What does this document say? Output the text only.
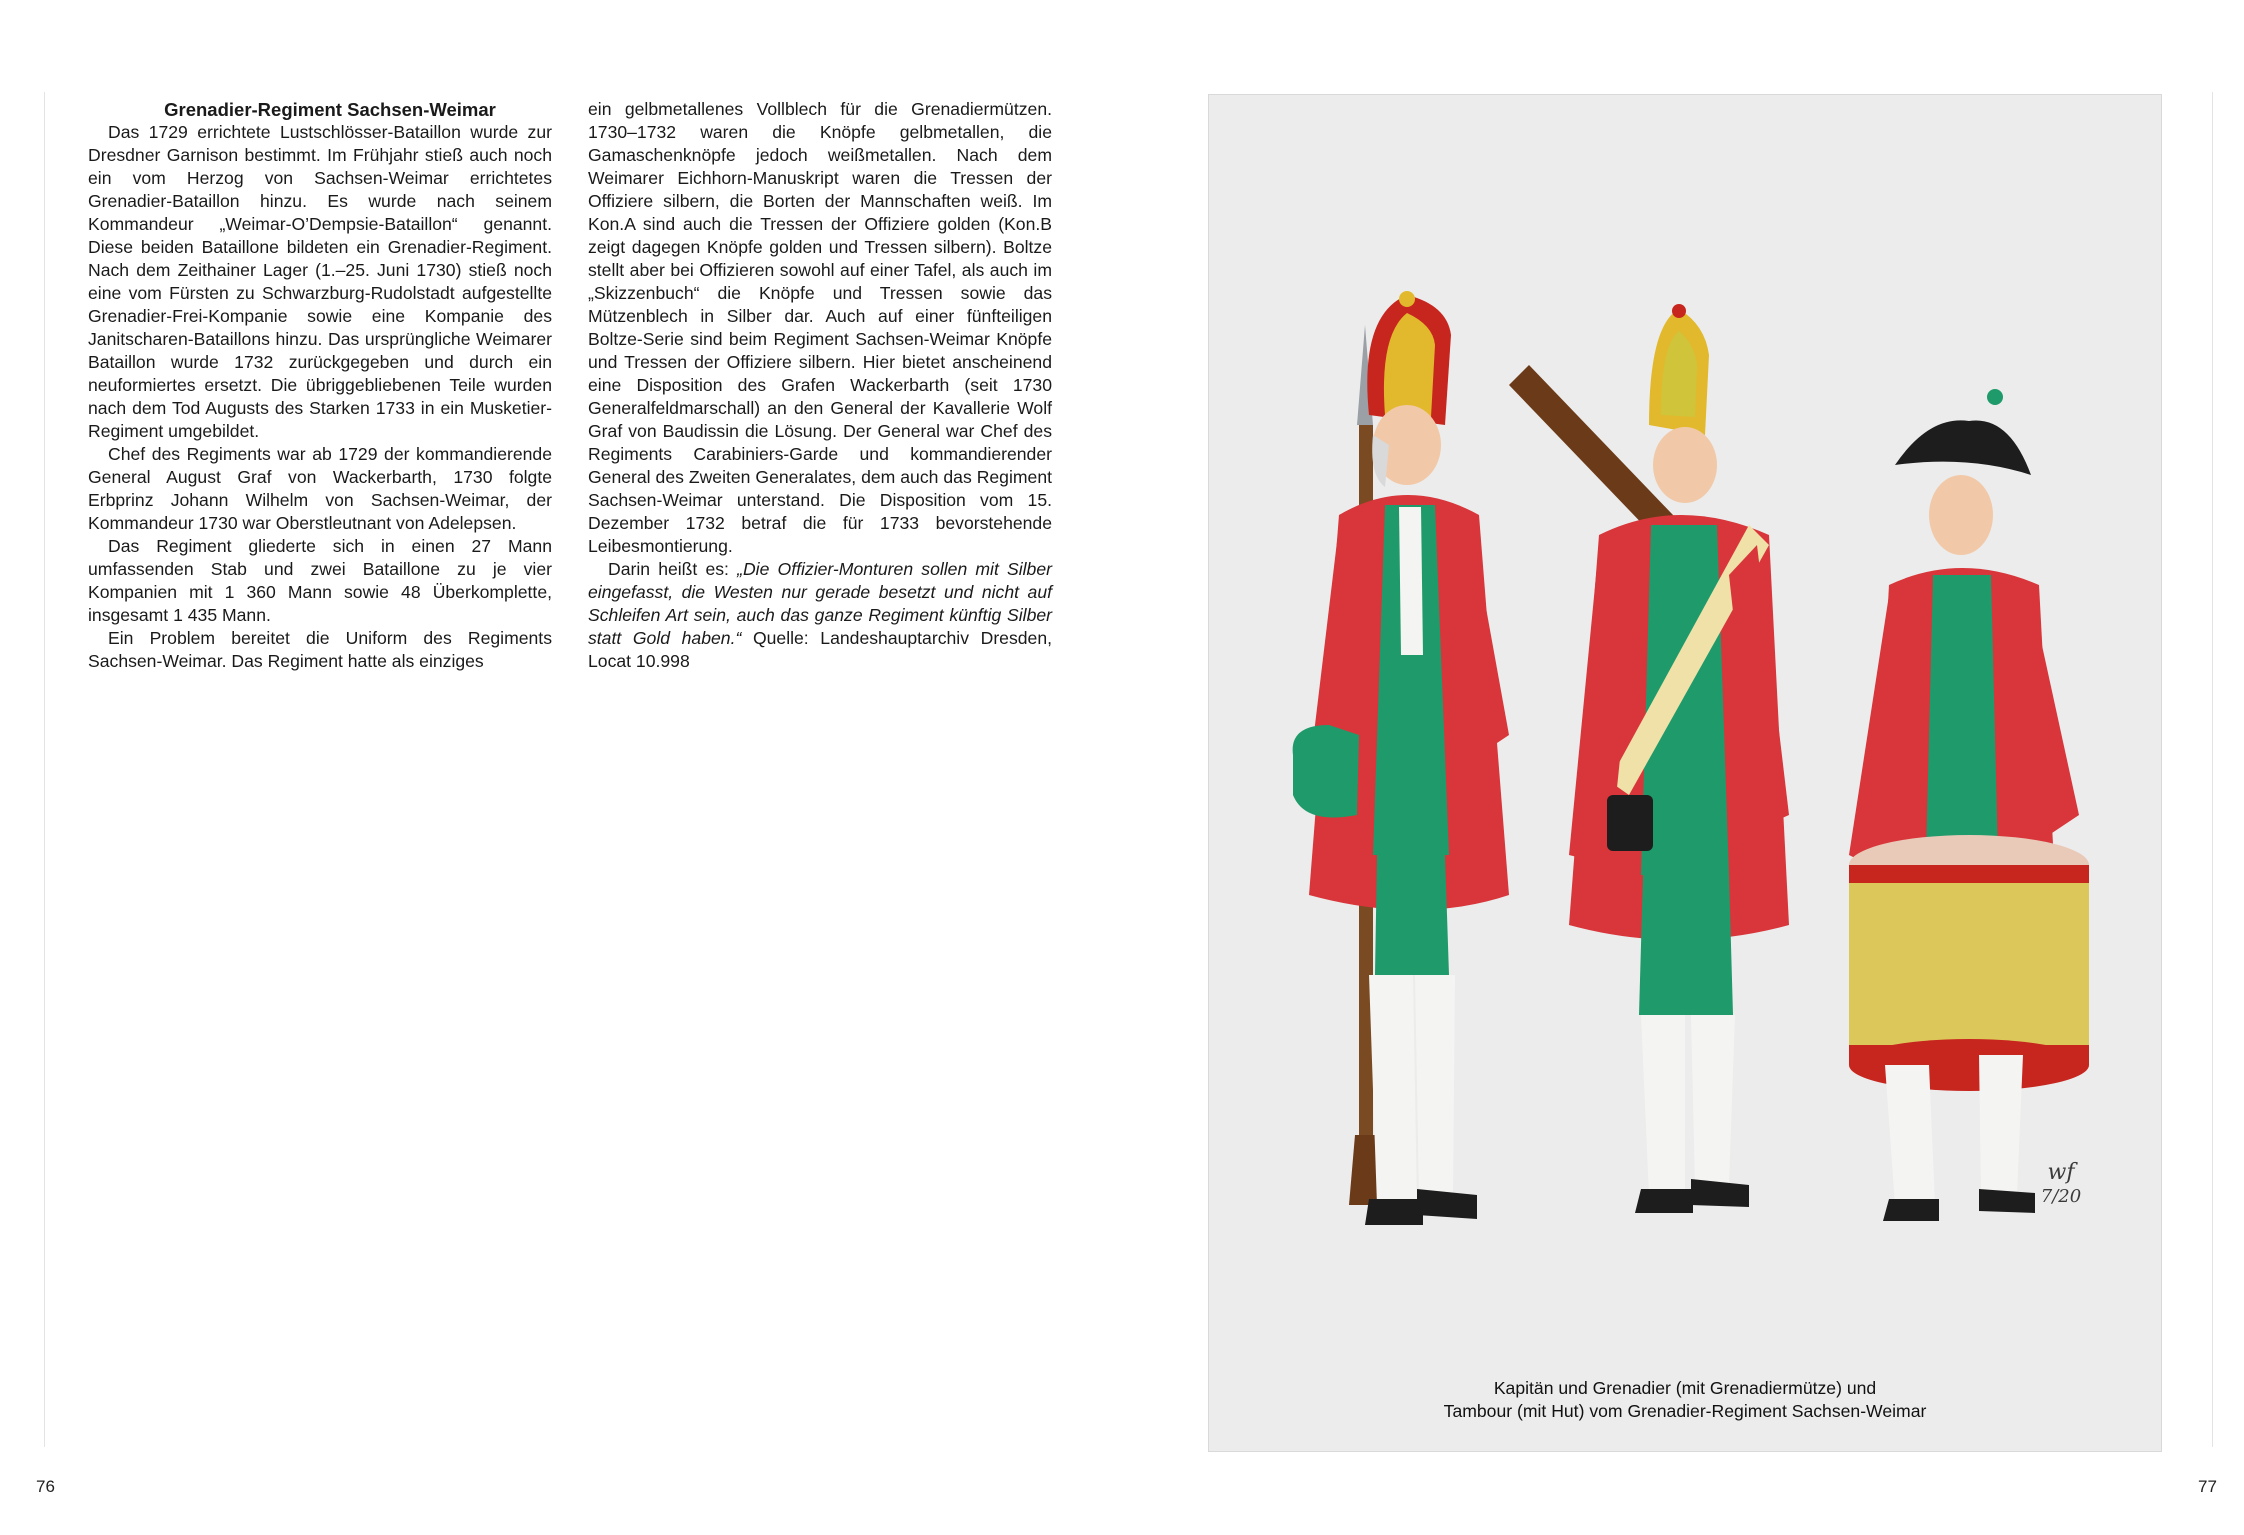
Grenadier-Regiment Sachsen-Weimar

Das 1729 errichtete Lustschlösser-Bataillon wurde zur Dresdner Garnison bestimmt. Im Frühjahr stieß auch noch ein vom Herzog von Sachsen-Weimar errichtetes Grenadier-Bataillon hinzu. Es wurde nach seinem Kommandeur „Weimar-O’Dempsie-Bataillon“ genannt. Diese beiden Bataillone bildeten ein Grenadier-Regiment. Nach dem Zeithainer Lager (1.–25. Juni 1730) stieß noch eine vom Fürsten zu Schwarzburg-Rudolstadt aufgestellte Grenadier-Frei-Kompanie sowie eine Kompanie des Janitscharen-Bataillons hinzu. Das ursprüngliche Weimarer Bataillon wurde 1732 zurückgegeben und durch ein neuformiertes ersetzt. Die übriggebliebenen Teile wurden nach dem Tod Augusts des Starken 1733 in ein Musketier-Regiment umgebildet.

Chef des Regiments war ab 1729 der kommandierende General August Graf von Wackerbarth, 1730 folgte Erbprinz Johann Wilhelm von Sachsen-Weimar, der Kommandeur 1730 war Oberstleutnant von Adelepsen.

Das Regiment gliederte sich in einen 27 Mann umfassenden Stab und zwei Bataillone zu je vier Kompanien mit 1 360 Mann sowie 48 Überkomplette, insgesamt 1 435 Mann.

Ein Problem bereitet die Uniform des Regiments Sachsen-Weimar. Das Regiment hatte als einziges

ein gelbmetallenes Vollblech für die Grenadiermützen. 1730–1732 waren die Knöpfe gelbmetallen, die Gamaschenknöpfe jedoch weißmetallen. Nach dem Weimarer Eichhorn-Manuskript waren die Tressen der Offiziere silbern, die Borten der Mannschaften weiß. Im Kon.A sind auch die Tressen der Offiziere golden (Kon.B zeigt dagegen Knöpfe golden und Tressen silbern). Boltze stellt aber bei Offizieren sowohl auf einer Tafel, als auch im „Skizzenbuch“ die Knöpfe und Tressen sowie das Mützenblech in Silber dar. Auch auf einer fünfteiligen Boltze-Serie sind beim Regiment Sachsen-Weimar Knöpfe und Tressen der Offiziere silbern. Hier bietet anscheinend eine Disposition des Grafen Wackerbarth (seit 1730 Generalfeldmarschall) an den General der Kavallerie Wolf Graf von Baudissin die Lösung. Der General war Chef des Regiments Carabiniers-Garde und kommandierender General des Zweiten Generalates, dem auch das Regiment Sachsen-Weimar unterstand. Die Disposition vom 15. Dezember 1732 betraf die für 1733 bevorstehende Leibesmontierung.

Darin heißt es: „Die Offizier-Monturen sollen mit Silber eingefasst, die Westen nur gerade besetzt und nicht auf Schleifen Art sein, auch das ganze Regiment künftig Silber statt Gold haben.“ Quelle: Landeshauptarchiv Dresden, Locat 10.998

76	77
wf
7/20
Kapitän und Grenadier (mit Grenadiermütze) und
Tambour (mit Hut) vom Grenadier-Regiment Sachsen-Weimar
